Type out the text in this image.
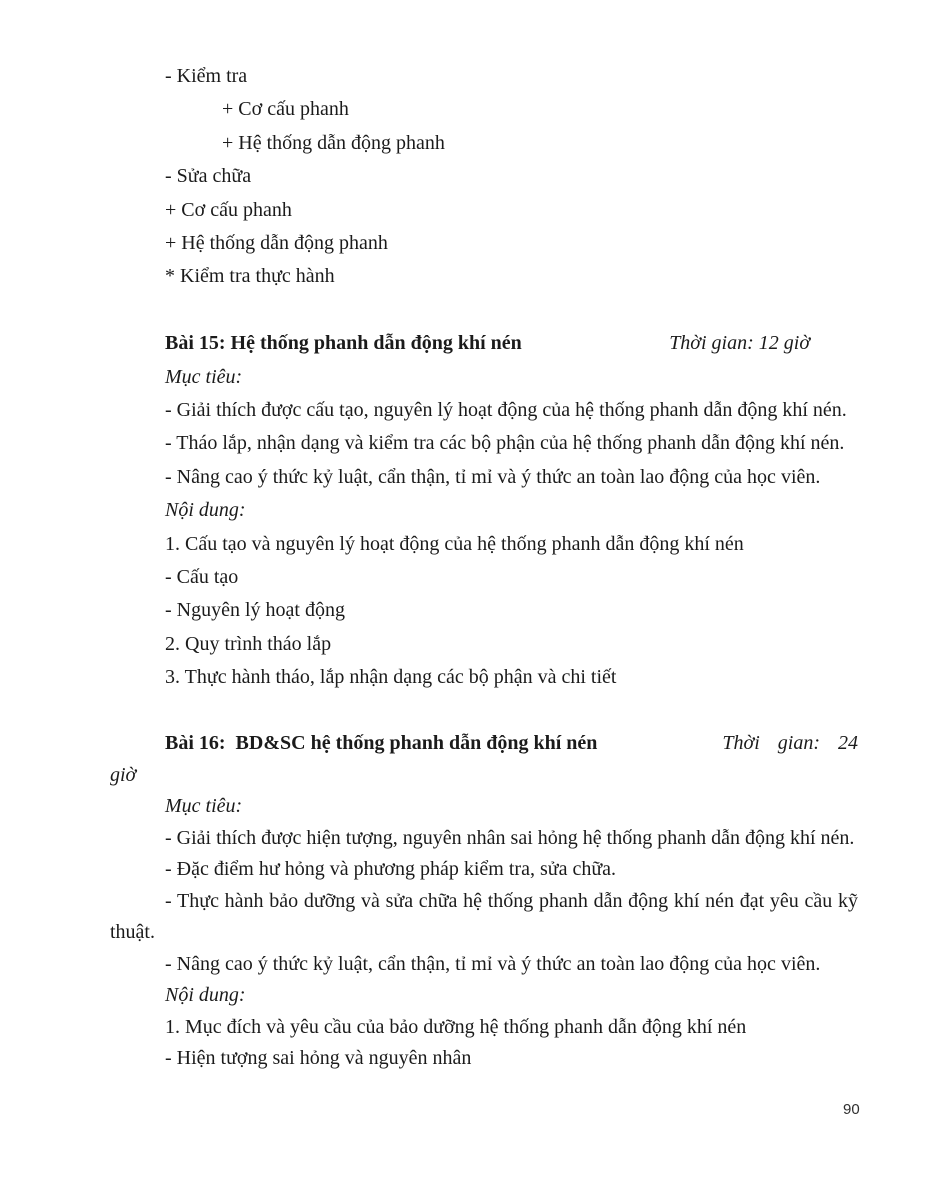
- Kiểm tra
+ Cơ cấu phanh
+ Hệ thống dẫn động phanh
- Sửa chữa
+ Cơ cấu phanh
+ Hệ thống dẫn động phanh
* Kiểm tra thực hành
Bài 15: Hệ thống phanh dẫn động khí nén	Thời gian: 12 giờ
Mục tiêu:
- Giải thích được cấu tạo, nguyên lý hoạt động của hệ thống phanh dẫn động khí nén.
- Tháo lắp, nhận dạng và kiểm tra các bộ phận của hệ thống phanh dẫn động khí nén.
- Nâng cao ý thức kỷ luật, cẩn thận, tỉ mỉ và ý thức an toàn lao động của học viên.
Nội dung:
1. Cấu tạo và nguyên lý hoạt động của hệ thống phanh dẫn động khí nén
- Cấu tạo
- Nguyên lý hoạt động
2. Quy trình tháo lắp
3. Thực hành tháo, lắp nhận dạng các bộ phận và chi tiết
Bài 16:  BD&SC hệ thống phanh dẫn động khí nén	Thời gian: 24
giờ
Mục tiêu:
- Giải thích được hiện tượng, nguyên nhân sai hỏng hệ thống phanh dẫn động khí nén.
- Đặc điểm hư hỏng và phương pháp kiểm tra, sửa chữa.
- Thực hành bảo dưỡng và sửa chữa hệ thống phanh dẫn động khí nén đạt yêu cầu kỹ
thuật.
- Nâng cao ý thức kỷ luật, cẩn thận, tỉ mỉ và ý thức an toàn lao động của học viên.
Nội dung:
1. Mục đích và yêu cầu của bảo dưỡng hệ thống phanh dẫn động khí nén
- Hiện tượng sai hỏng và nguyên nhân
90
